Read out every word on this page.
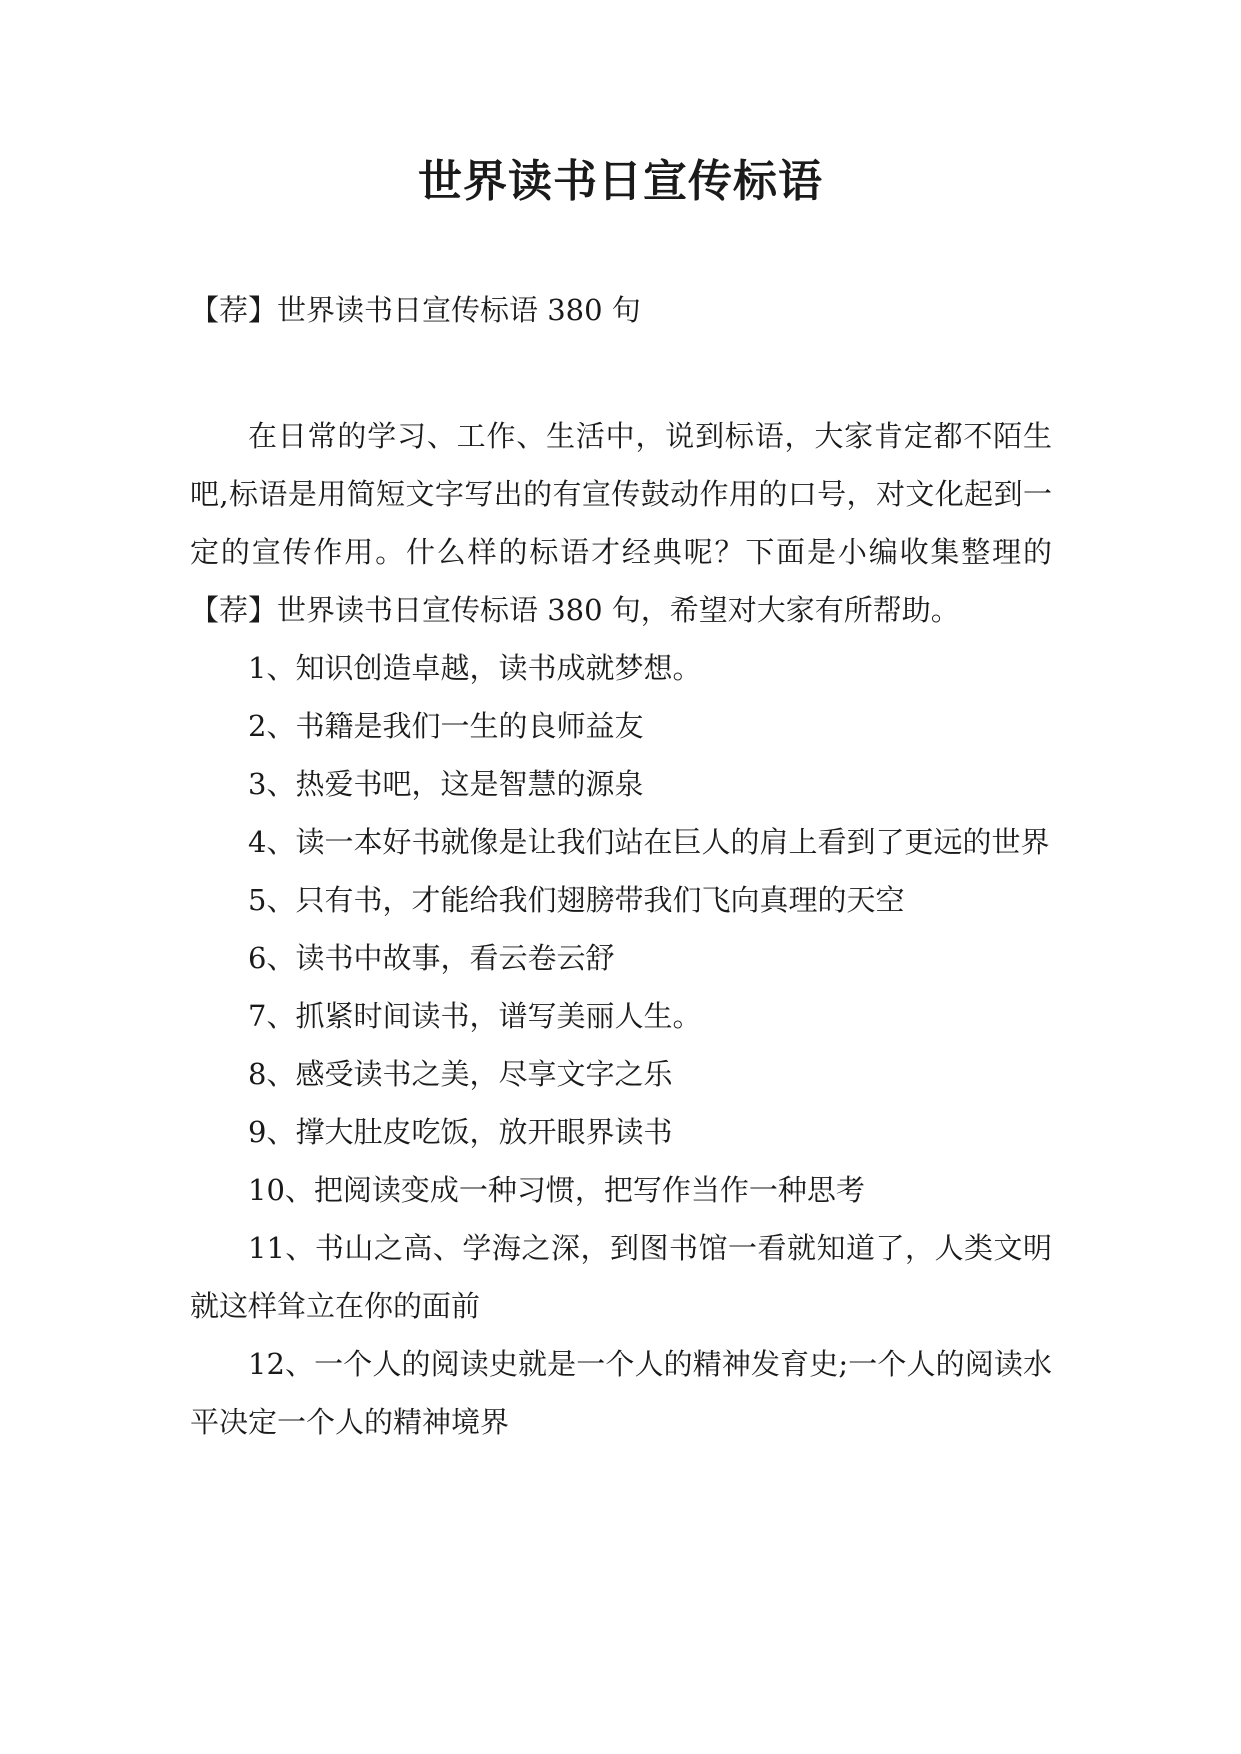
世界读书日宣传标语
【荐】世界读书日宣传标语 380 句

在日常的学习、工作、生活中，说到标语，大家肯定都不陌生吧,标语是用简短文字写出的有宣传鼓动作用的口号，对文化起到一定的宣传作用。什么样的标语才经典呢？下面是小编收集整理的【荐】世界读书日宣传标语 380 句，希望对大家有所帮助。

1、知识创造卓越，读书成就梦想。

2、书籍是我们一生的良师益友

3、热爱书吧，这是智慧的源泉

4、读一本好书就像是让我们站在巨人的肩上看到了更远的世界

5、只有书，才能给我们翅膀带我们飞向真理的天空

6、读书中故事，看云卷云舒

7、抓紧时间读书，谱写美丽人生。

8、感受读书之美，尽享文字之乐

9、撑大肚皮吃饭，放开眼界读书

10、把阅读变成一种习惯，把写作当作一种思考

11、书山之高、学海之深，到图书馆一看就知道了，人类文明就这样耸立在你的面前

12、一个人的阅读史就是一个人的精神发育史;一个人的阅读水平决定一个人的精神境界
